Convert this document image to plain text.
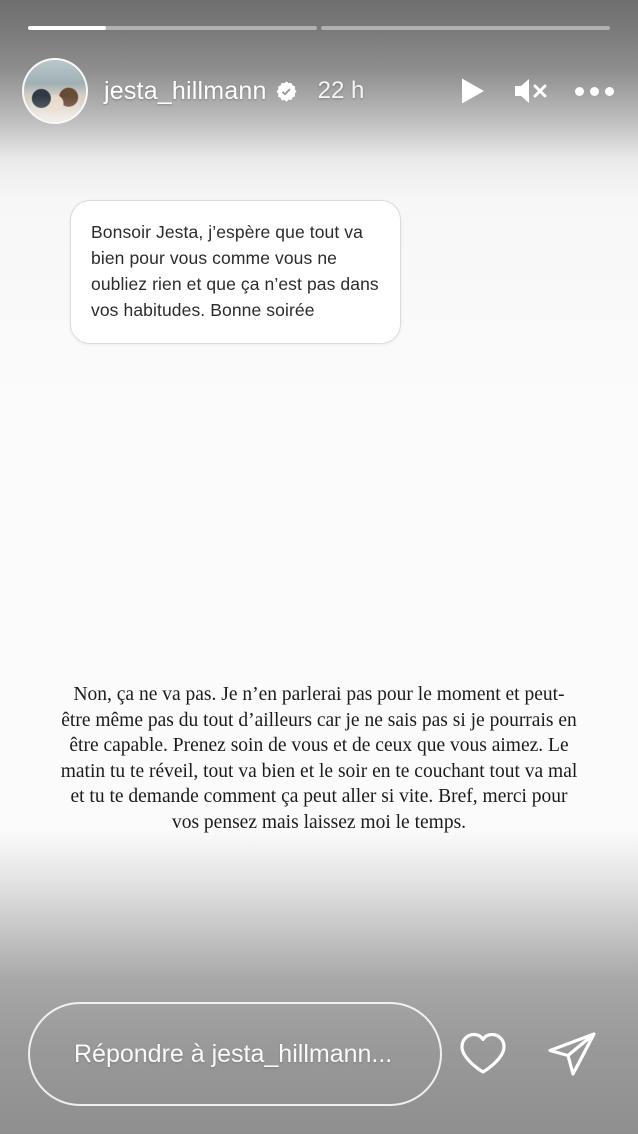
jesta_hillmann 22 h

Bonsoir Jesta, j’espère que tout va bien pour vous comme vous ne oubliez rien et que ça n’est pas dans vos habitudes. Bonne soirée

Non, ça ne va pas. Je n’en parlerai pas pour le moment et peut-être même pas du tout d’ailleurs car je ne sais pas si je pourrais en être capable. Prenez soin de vous et de ceux que vous aimez. Le matin tu te réveil, tout va bien et le soir en te couchant tout va mal et tu te demande comment ça peut aller si vite. Bref, merci pour vos pensez mais laissez moi le temps.
Répondre à jesta_hillmann...
